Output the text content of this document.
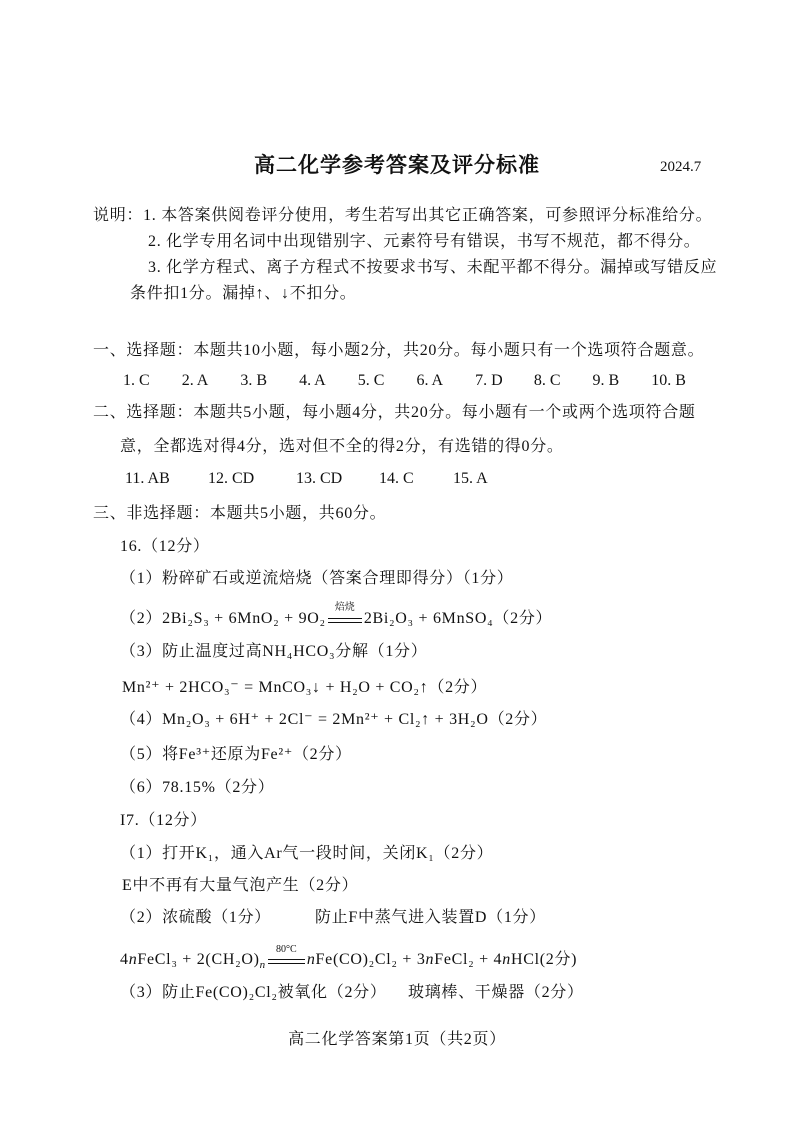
高二化学参考答案及评分标准	2024.7
说明：1. 本答案供阅卷评分使用，考生若写出其它正确答案，可参照评分标准给分。
2. 化学专用名词中出现错别字、元素符号有错误，书写不规范，都不得分。
3. 化学方程式、离子方程式不按要求书写、未配平都不得分。漏掉或写错反应
条件扣1分。漏掉↑、↓不扣分。
一、选择题：本题共10小题，每小题2分，共20分。每小题只有一个选项符合题意。
1. C	2. A	3. B	4. A	5. C	6. A	7. D	8. C	9. B	10. B
二、选择题：本题共5小题，每小题4分，共20分。每小题有一个或两个选项符合题
意，全都选对得4分，选对但不全的得2分，有选错的得0分。
11. AB	12. CD	13. CD	14. C	15. A
三、非选择题：本题共5小题，共60分。
16.（12分）
（1）粉碎矿石或逆流焙烧（答案合理即得分）（1分）
（2）2Bi₂S₃ + 6MnO₂ + 9O₂
焙烧
2Bi₂O₃ + 6MnSO₄（2分）
（3）防止温度过高NH₄HCO₃分解（1分）
Mn²⁺ + 2HCO₃⁻ = MnCO₃↓ + H₂O + CO₂↑（2分）
（4）Mn₂O₃ + 6H⁺ + 2Cl⁻ = 2Mn²⁺ + Cl₂↑ + 3H₂O（2分）
（5）将Fe³⁺还原为Fe²⁺（2分）
（6）78.15%（2分）
I7.（12分）
（1）打开K₁，通入Ar气一段时间，关闭K₁（2分）
E中不再有大量气泡产生（2分）
（2）浓硫酸（1分）	防止F中蒸气进入装置D（1分）
4nFeCl₃ + $2(CH_2O)_n$
80°C
nFe(CO)₂Cl₂ + 3nFeCl₂ + 4nHCl(2分)
（3）防止Fe(CO)₂Cl₂被氧化（2分） 玻璃棒、干燥器（2分）
高二化学答案第1页（共2页）
